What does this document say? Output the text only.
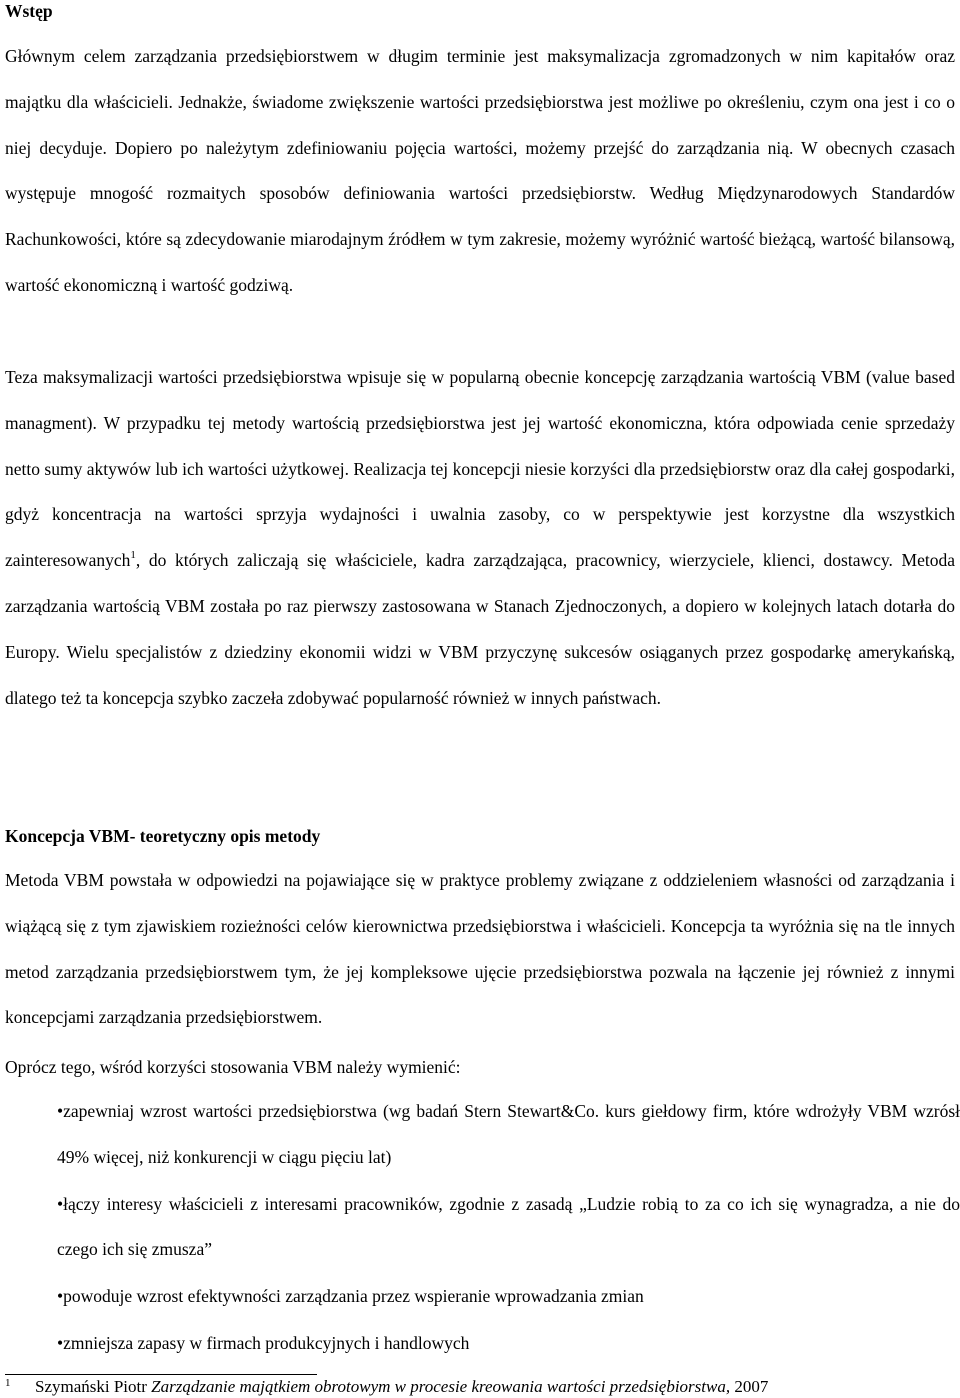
Wstęp

Głównym celem zarządzania przedsiębiorstwem w długim terminie jest maksymalizacja zgromadzonych w nim kapitałów oraz majątku dla właścicieli. Jednakże, świadome zwiększenie wartości przedsiębiorstwa jest możliwe po określeniu, czym ona jest i co o niej decyduje. Dopiero po należytym zdefiniowaniu pojęcia wartości, możemy przejść do zarządzania nią. W obecnych czasach występuje mnogość rozmaitych sposobów definiowania wartości przedsiębiorstw. Według Międzynarodowych Standardów Rachunkowości, które są zdecydowanie miarodajnym źródłem w tym zakresie, możemy wyróżnić wartość bieżącą, wartość bilansową, wartość ekonomiczną i wartość godziwą.

Teza maksymalizacji wartości przedsiębiorstwa wpisuje się w popularną obecnie koncepcję zarządzania wartością VBM (value based managment). W przypadku tej metody wartością przedsiębiorstwa jest jej wartość ekonomiczna, która odpowiada cenie sprzedaży netto sumy aktywów lub ich wartości użytkowej. Realizacja tej koncepcji niesie korzyści dla przedsiębiorstw oraz dla całej gospodarki, gdyż koncentracja na wartości sprzyja wydajności i uwalnia zasoby, co w perspektywie jest korzystne dla wszystkich zainteresowanych$^1$, do których zaliczają się właściciele, kadra zarządzająca, pracownicy, wierzyciele, klienci, dostawcy. Metoda zarządzania wartością VBM została po raz pierwszy zastosowana w Stanach Zjednoczonych, a dopiero w kolejnych latach dotarła do Europy. Wielu specjalistów z dziedziny ekonomii widzi w VBM przyczynę sukcesów osiąganych przez gospodarkę amerykańską, dlatego też ta koncepcja szybko zaczeła zdobywać popularność również w innych państwach.

Koncepcja VBM- teoretyczny opis metody

Metoda VBM powstała w odpowiedzi na pojawiające się w praktyce problemy związane z oddzieleniem własności od zarządzania i wiążącą się z tym zjawiskiem rozieżności celów kierownictwa przedsiębiorstwa i właścicieli. Koncepcja ta wyróżnia się na tle innych metod zarządzania przedsiębiorstwem tym, że jej kompleksowe ujęcie przedsiębiorstwa pozwala na łączenie jej również z innymi koncepcjami zarządzania przedsiębiorstwem.

Oprócz tego, wśród korzyści stosowania VBM należy wymienić:

•zapewniaj wzrost wartości przedsiębiorstwa (wg badań Stern Stewart&Co. kurs giełdowy firm, które wdrożyły VBM wzrósł 49% więcej, niż konkurencji w ciągu pięciu lat)
•łączy interesy właścicieli z interesami pracowników, zgodnie z zasadą „Ludzie robią to za co ich się wynagradza, a nie do czego ich się zmusza”
•powoduje wzrost efektywności zarządzania przez wspieranie wprowadzania zmian
•zmniejsza zapasy w firmach produkcyjnych i handlowych
1 Szymański Piotr Zarządzanie majątkiem obrotowym w procesie kreowania wartości przedsiębiorstwa, 2007
